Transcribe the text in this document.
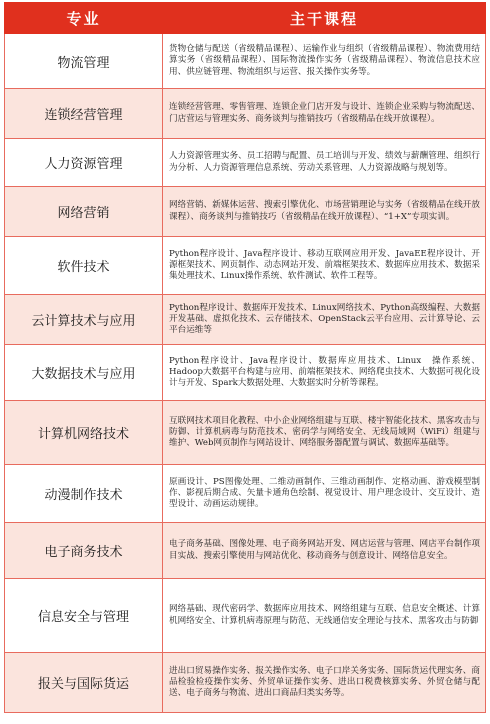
专业	主干课程
物流管理	货物仓储与配送（省级精品课程）、运输作业与组织（省级精品课程）、物流费用结算实务（省级精品课程）、国际物流操作实务（省级精品课程）、物流信息技术应用、供应链管理、物流组织与运营、报关操作实务等。
连锁经营管理	连锁经营管理、零售管理、连锁企业门店开发与设计、连锁企业采购与物流配送、门店营运与管理实务、商务谈判与推销技巧（省级精品在线开放课程）。
人力资源管理	人力资源管理实务、员工招聘与配置、员工培训与开发、绩效与薪酬管理、组织行为分析、人力资源管理信息系统、劳动关系管理、人力资源战略与规划等。
网络营销	网络营销、新媒体运营、搜索引擎优化、市场营销理论与实务（省级精品在线开放课程）、商务谈判与推销技巧（省级精品在线开放课程）、“1+X”专项实训。
软件技术	Python程序设计、Java程序设计、移动互联网应用开发、JavaEE程序设计、开源框架技术、网页制作、动态网站开发、前端框架技术、数据库应用技术、数据采集处理技术、Linux操作系统、软件测试、软件工程等。
云计算技术与应用	Python程序设计、数据库开发技术、Linux网络技术、Python高级编程、大数据开发基础、虚拟化技术、云存储技术、OpenStack云平台应用、云计算导论、云平台运维等
大数据技术与应用	Python程序设计、Java程序设计、数据库应用技术、Linux　操作系统、Hadoop大数据平台构建与应用、前端框架技术、网络爬虫技术、大数据可视化设计与开发、Spark大数据处理、大数据实时分析等课程。
计算机网络技术	互联网技术项目化教程、中小企业网络组建与互联、楼宇智能化技术、黑客攻击与防御、计算机病毒与防范技术、密码学与网络安全、无线局域网（WiFi）组建与维护、Web网页制作与网站设计、网络服务器配置与调试、数据库基础等。
动漫制作技术	原画设计、PS图像处理、二维动画制作、三维动画制作、定格动画、游戏模型制作、影视后期合成、矢量卡通角色绘制、视觉设计、用户理念设计、交互设计、造型设计、动画运动规律。
电子商务技术	电子商务基础、图像处理、电子商务网站开发、网店运营与管理、网店平台制作项目实战、搜索引擎使用与网站优化、移动商务与创意设计、网络信息安全。
信息安全与管理	网络基础、现代密码学、数据库应用技术、网络组建与互联、信息安全概述、计算机网络安全、计算机病毒原理与防范、无线通信安全理论与技术、黑客攻击与防御
报关与国际货运	进出口贸易操作实务、报关操作实务、电子口岸关务实务、国际货运代理实务、商品检验检疫操作实务、外贸单证操作实务、进出口税费核算实务、外贸仓储与配送、电子商务与物流、进出口商品归类实务等。
